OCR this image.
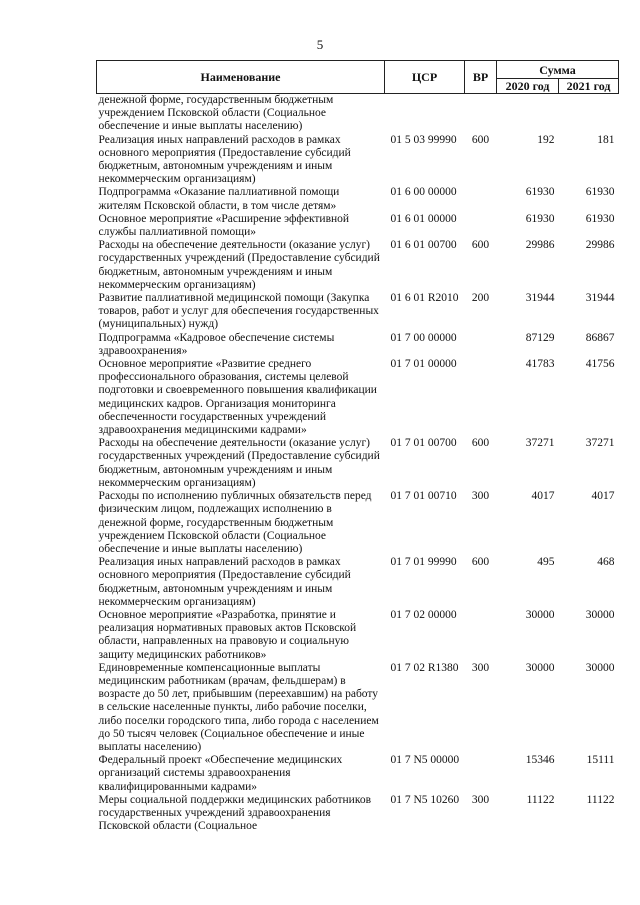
5
Наименование	ЦСР	ВР	Сумма	
			2020 год	2021 год
денежной форме, государственным бюджетным учреждением Псковской области (Социальное обеспечение и иные выплаты населению)				
Реализация иных направлений расходов в рамках основного мероприятия (Предоставление субсидий бюджетным, автономным учреждениям и иным некоммерческим организациям)	01 5 03 99990	600	192	181
Подпрограмма «Оказание паллиативной помощи жителям Псковской области, в том числе детям»	01 6 00 00000		61930	61930
Основное мероприятие «Расширение эффективной службы паллиативной помощи»	01 6 01 00000		61930	61930
Расходы на обеспечение деятельности (оказание услуг) государственных учреждений (Предоставление субсидий бюджетным, автономным учреждениям и иным некоммерческим организациям)	01 6 01 00700	600	29986	29986
Развитие паллиативной медицинской помощи (Закупка товаров, работ и услуг для обеспечения государственных (муниципальных) нужд)	01 6 01 R2010	200	31944	31944
Подпрограмма «Кадровое обеспечение системы здравоохранения»	01 7 00 00000		87129	86867
Основное мероприятие «Развитие среднего профессионального образования, системы целевой подготовки и своевременного повышения квалификации медицинских кадров. Организация мониторинга обеспеченности государственных учреждений здравоохранения медицинскими кадрами»	01 7 01 00000		41783	41756
Расходы на обеспечение деятельности (оказание услуг) государственных учреждений (Предоставление субсидий бюджетным, автономным учреждениям и иным некоммерческим организациям)	01 7 01 00700	600	37271	37271
Расходы по исполнению публичных обязательств перед физическим лицом, подлежащих исполнению в денежной форме, государственным бюджетным учреждением Псковской области (Социальное обеспечение и иные выплаты населению)	01 7 01 00710	300	4017	4017
Реализация иных направлений расходов в рамках основного мероприятия (Предоставление субсидий бюджетным, автономным учреждениям и иным некоммерческим организациям)	01 7 01 99990	600	495	468
Основное мероприятие «Разработка, принятие и реализация нормативных правовых актов Псковской области, направленных на правовую и социальную защиту медицинских работников»	01 7 02 00000		30000	30000
Единовременные компенсационные выплаты медицинским работникам (врачам, фельдшерам) в возрасте до 50 лет, прибывшим (переехавшим) на работу в сельские населенные пункты, либо рабочие поселки, либо поселки городского типа, либо города с населением до 50 тысяч человек (Социальное обеспечение и иные выплаты населению)	01 7 02 R1380	300	30000	30000
Федеральный проект «Обеспечение медицинских организаций системы здравоохранения квалифицированными кадрами»	01 7 N5 00000		15346	15111
Меры социальной поддержки медицинских работников государственных учреждений здравоохранения Псковской области (Социальное	01 7 N5 10260	300	11122	11122
